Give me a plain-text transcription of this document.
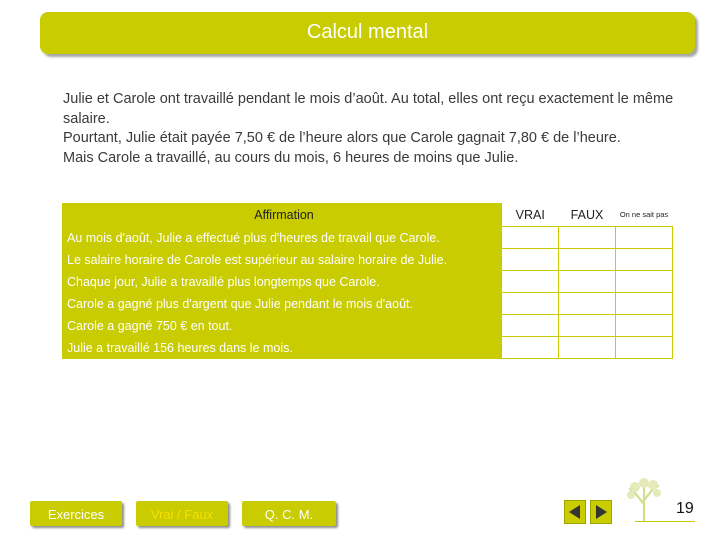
Calcul mental

Julie et Carole ont travaillé pendant le mois d’août. Au total, elles ont reçu exactement le même salaire.

Pourtant, Julie était payée 7,50 € de l’heure alors que Carole gagnait 7,80 € de l’heure.

Mais Carole a travaillé, au cours du mois, 6 heures de moins que Julie.

Affirmation	VRAI	FAUX	On ne sait pas
Au mois d'août, Julie a effectué plus d'heures de travail que Carole.			
Le salaire horaire de Carole est supérieur au salaire horaire de Julie.			
Chaque jour, Julie a travaillé plus longtemps que Carole.			
Carole a gagné plus d'argent que Julie pendant le mois d'août.			
Carole a gagné 750 € en tout.			
Julie a travaillé 156 heures dans le mois.			
Exercices	Vrai / Faux	Q. C. M.	19
